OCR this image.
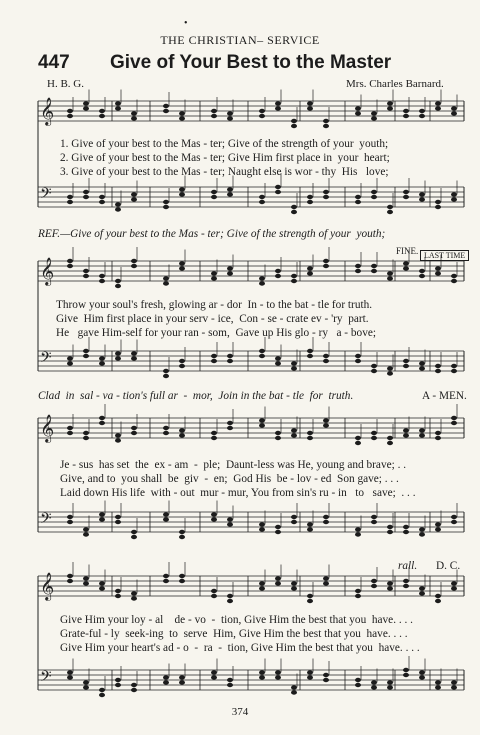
•
THE CHRISTIAN– SERVICE
447 Give of Your Best to the Master
H. B. G.	Mrs. Charles Barnard.
𝄞
𝄢
1. Give of your best to the Mas - ter; Give of the strength of your  youth;
2. Give of your best to the Mas - ter; Give Him first place in  your  heart;
3. Give of your best to the Mas - ter; Naught else is wor - thy  His   love;
REF.—Give of your best to the Mas - ter; Give of the strength of your  youth;
FINE. LAST TIME
𝄞
𝄢
Throw your soul's fresh, glowing ar - dor  In - to the bat - tle for truth.
Give  Him first place in your serv - ice,  Con - se - crate ev - 'ry  part.
He   gave Him-self for your ran - som,  Gave up His glo - ry   a - bove;
Clad  in  sal - va - tion's full ar  -  mor,  Join in the bat - tle  for  truth.	A - MEN.
𝄞
𝄢
Je - sus  has set  the  ex - am  -  ple;  Daunt-less was He, young and brave; . .
Give, and to  you shall  be  giv  -  en;  God His  be - lov - ed  Son gave; . . .
Laid down His life  with - out  mur - mur, You from sin's ru - in   to   save;  . . .
rall. D. C.
𝄞
𝄢
Give Him your loy - al    de - vo  -  tion, Give Him the best that you  have. . . .
Grate-ful - ly  seek-ing  to  serve  Him, Give Him the best that you  have. . . .
Give Him your heart's ad - o  -  ra  -  tion, Give Him the best that you  have. . . .
374
